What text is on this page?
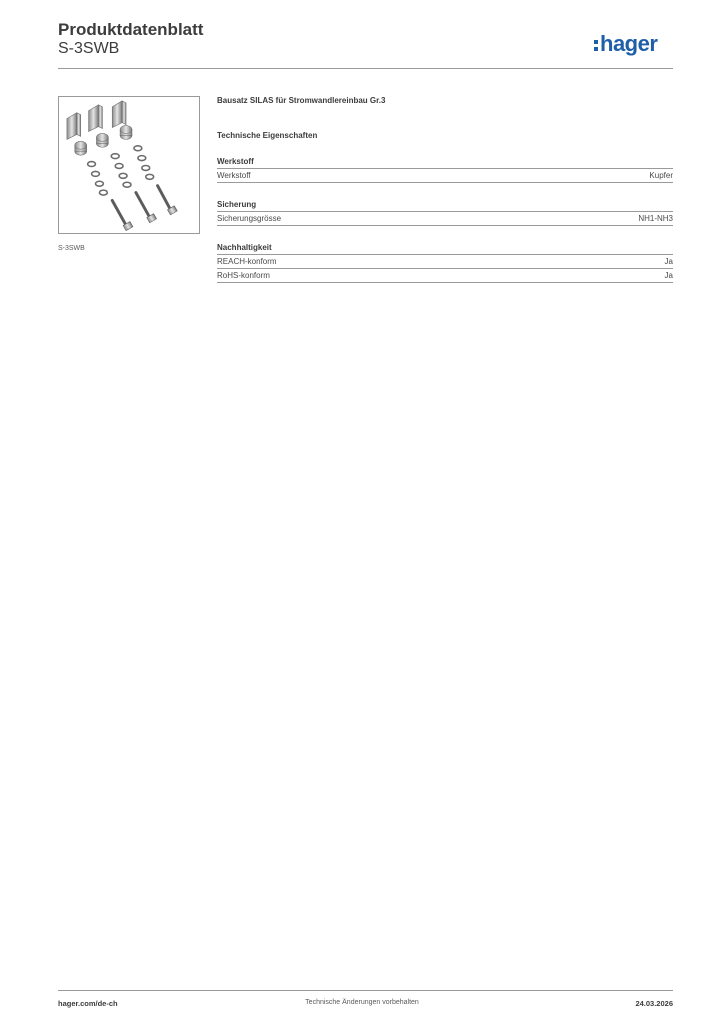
Produktdatenblatt
S-3SWB	hager
S-3SWB

Bausatz SILAS für Stromwandlereinbau Gr.3

Technische Eigenschaften

Werkstoff
Werkstoff	Kupfer
Sicherung
Sicherungsgrösse	NH1-NH3
Nachhaltigkeit
REACH-konform	Ja
RoHS-konform	Ja
hager.com/de-ch	Technische Änderungen vorbehalten	24.03.2026
